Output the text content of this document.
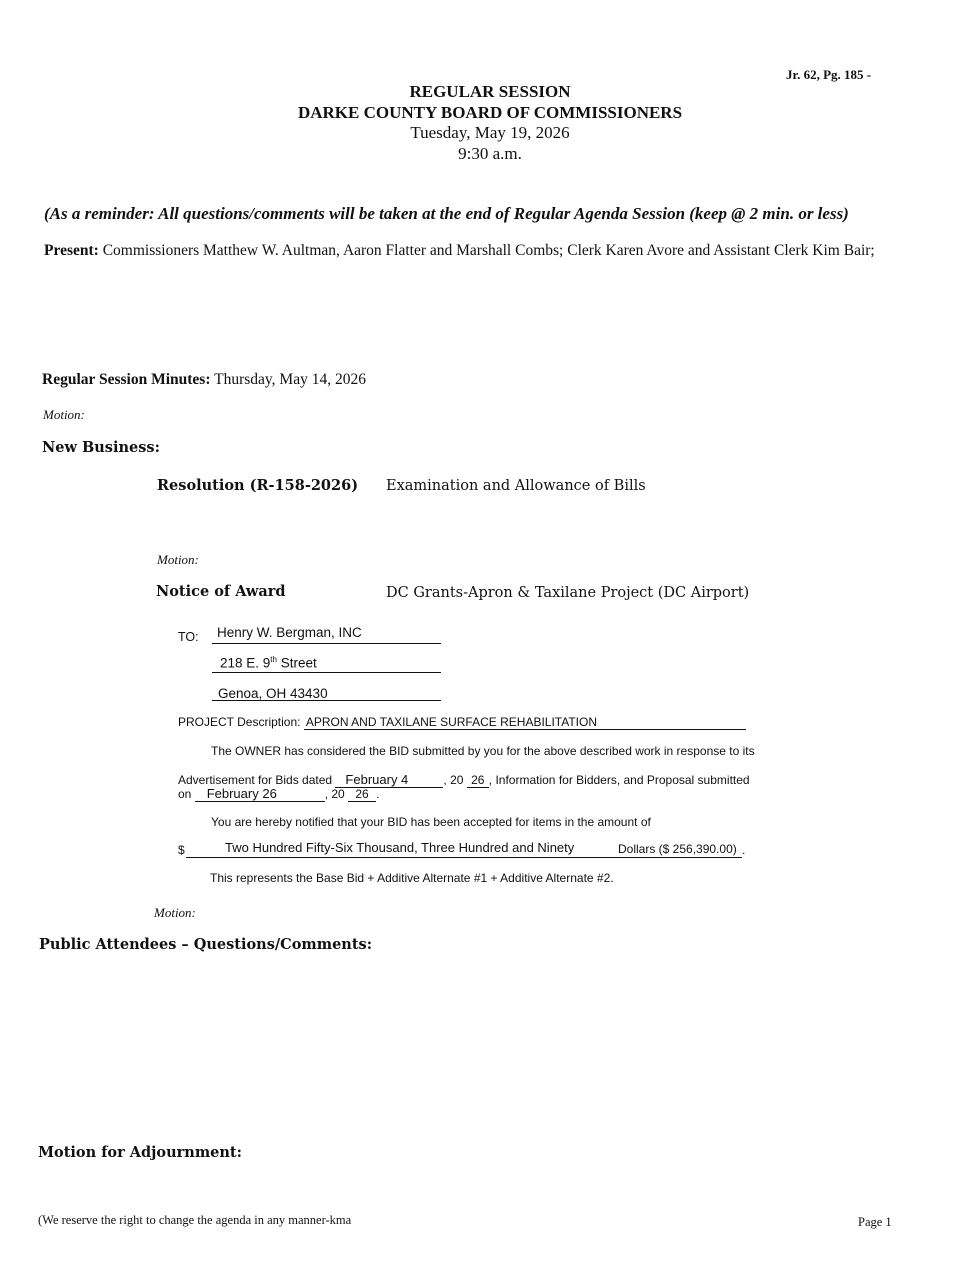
Jr. 62, Pg. 185 -
REGULAR SESSION
DARKE COUNTY BOARD OF COMMISSIONERS
Tuesday, May 19, 2026
9:30 a.m.
(As a reminder: All questions/comments will be taken at the end of Regular Agenda Session (keep @ 2 min. or less)
Present: Commissioners Matthew W. Aultman, Aaron Flatter and Marshall Combs; Clerk Karen Avore and Assistant Clerk Kim Bair;
Regular Session Minutes: Thursday, May 14, 2026
Motion:
New Business:
Resolution (R-158-2026) Examination and Allowance of Bills
Motion:
Notice of Award	DC Grants-Apron & Taxilane Project (DC Airport)
TO:	Henry W. Bergman, INC
218 E. 9th Street
Genoa, OH 43430
PROJECT Description: APRON AND TAXILANE SURFACE REHABILITATION
The OWNER has considered the BID submitted by you for the above described work in response to its
Advertisement for Bids dated February 4	, 20 26 , Information for Bidders, and Proposal submitted
on February 26	, 20 26 .
You are hereby notified that your BID has been accepted for items in the amount of
$	Two Hundred Fifty-Six Thousand, Three Hundred and Ninety	Dollars ($ 256,390.00) .
This represents the Base Bid + Additive Alternate #1 + Additive Alternate #2.
Motion:
Public Attendees – Questions/Comments:
Motion for Adjournment:
(We reserve the right to change the agenda in any manner-kma	Page 1
